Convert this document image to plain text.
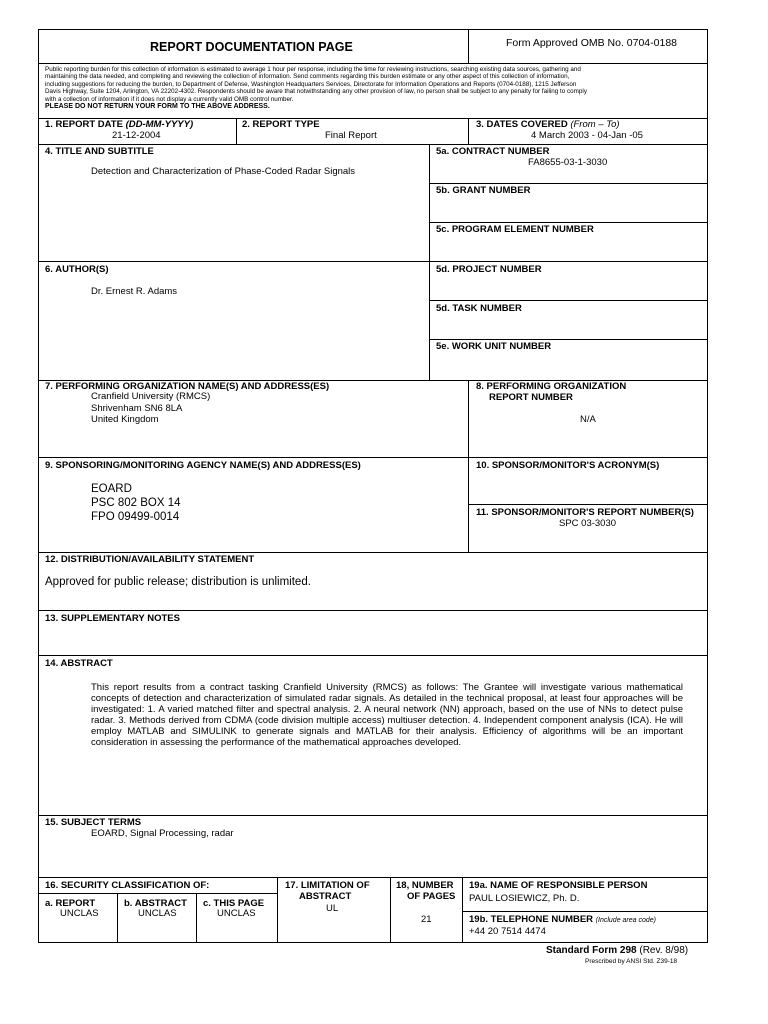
REPORT DOCUMENTATION PAGE	Form Approved OMB No. 0704-0188
Public reporting burden for this collection of information is estimated to average 1 hour per response, including the time for reviewing instructions, searching existing data sources, gathering and
maintaining the data needed, and completing and reviewing the collection of information. Send comments regarding this burden estimate or any other aspect of this collection of information,
including suggestions for reducing the burden, to Department of Defense, Washington Headquarters Services, Directorate for Information Operations and Reports (0704-0188), 1215 Jefferson
Davis Highway, Suite 1204, Arlington, VA 22202-4302. Respondents should be aware that notwithstanding any other provision of law, no person shall be subject to any penalty for failing to comply
with a collection of information if it does not display a currently valid OMB control number.
PLEASE DO NOT RETURN YOUR FORM TO THE ABOVE ADDRESS.
1. REPORT DATE (DD-MM-YYYY)
21-12-2004
2. REPORT TYPE
Final Report
3. DATES COVERED (From – To)
4 March 2003 - 04-Jan -05
4. TITLE AND SUBTITLE
Detection and Characterization of Phase-Coded Radar Signals
5a. CONTRACT NUMBER
FA8655-03-1-3030
5b. GRANT NUMBER
5c. PROGRAM ELEMENT NUMBER
6. AUTHOR(S)
Dr. Ernest R. Adams
5d. PROJECT NUMBER
5d. TASK NUMBER
5e. WORK UNIT NUMBER
7. PERFORMING ORGANIZATION NAME(S) AND ADDRESS(ES)
Cranfield University (RMCS)
Shrivenham SN6 8LA
United Kingdom
8. PERFORMING ORGANIZATION
REPORT NUMBER
N/A
9. SPONSORING/MONITORING AGENCY NAME(S) AND ADDRESS(ES)
EOARD
PSC 802 BOX 14
FPO 09499-0014
10. SPONSOR/MONITOR'S ACRONYM(S)
11. SPONSOR/MONITOR'S REPORT NUMBER(S)
SPC 03-3030
12. DISTRIBUTION/AVAILABILITY STATEMENT
Approved for public release; distribution is unlimited.
13. SUPPLEMENTARY NOTES
14. ABSTRACT
This report results from a contract tasking Cranfield University (RMCS) as follows: The Grantee will investigate various mathematical
concepts of detection and characterization of simulated radar signals. As detailed in the technical proposal, at least four approaches will be
investigated: 1. A varied matched filter and spectral analysis. 2. A neural network (NN) approach, based on the use of NNs to detect pulse
radar. 3. Methods derived from CDMA (code division multiple access) multiuser detection. 4. Independent component analysis (ICA). He will
employ MATLAB and SIMULINK to generate signals and MATLAB for their analysis. Efficiency of algorithms will be an important
consideration in assessing the performance of the mathematical approaches developed.
15. SUBJECT TERMS
EOARD, Signal Processing, radar
16. SECURITY CLASSIFICATION OF:
a. REPORT
UNCLAS
b. ABSTRACT
UNCLAS
c. THIS PAGE
UNCLAS
17. LIMITATION OF
ABSTRACT
UL
18, NUMBER
OF PAGES
21
19a. NAME OF RESPONSIBLE PERSON
PAUL LOSIEWICZ, Ph. D.
19b. TELEPHONE NUMBER (Include area code)
+44 20 7514 4474
Standard Form 298 (Rev. 8/98)
Prescribed by ANSI Std. Z39-18
